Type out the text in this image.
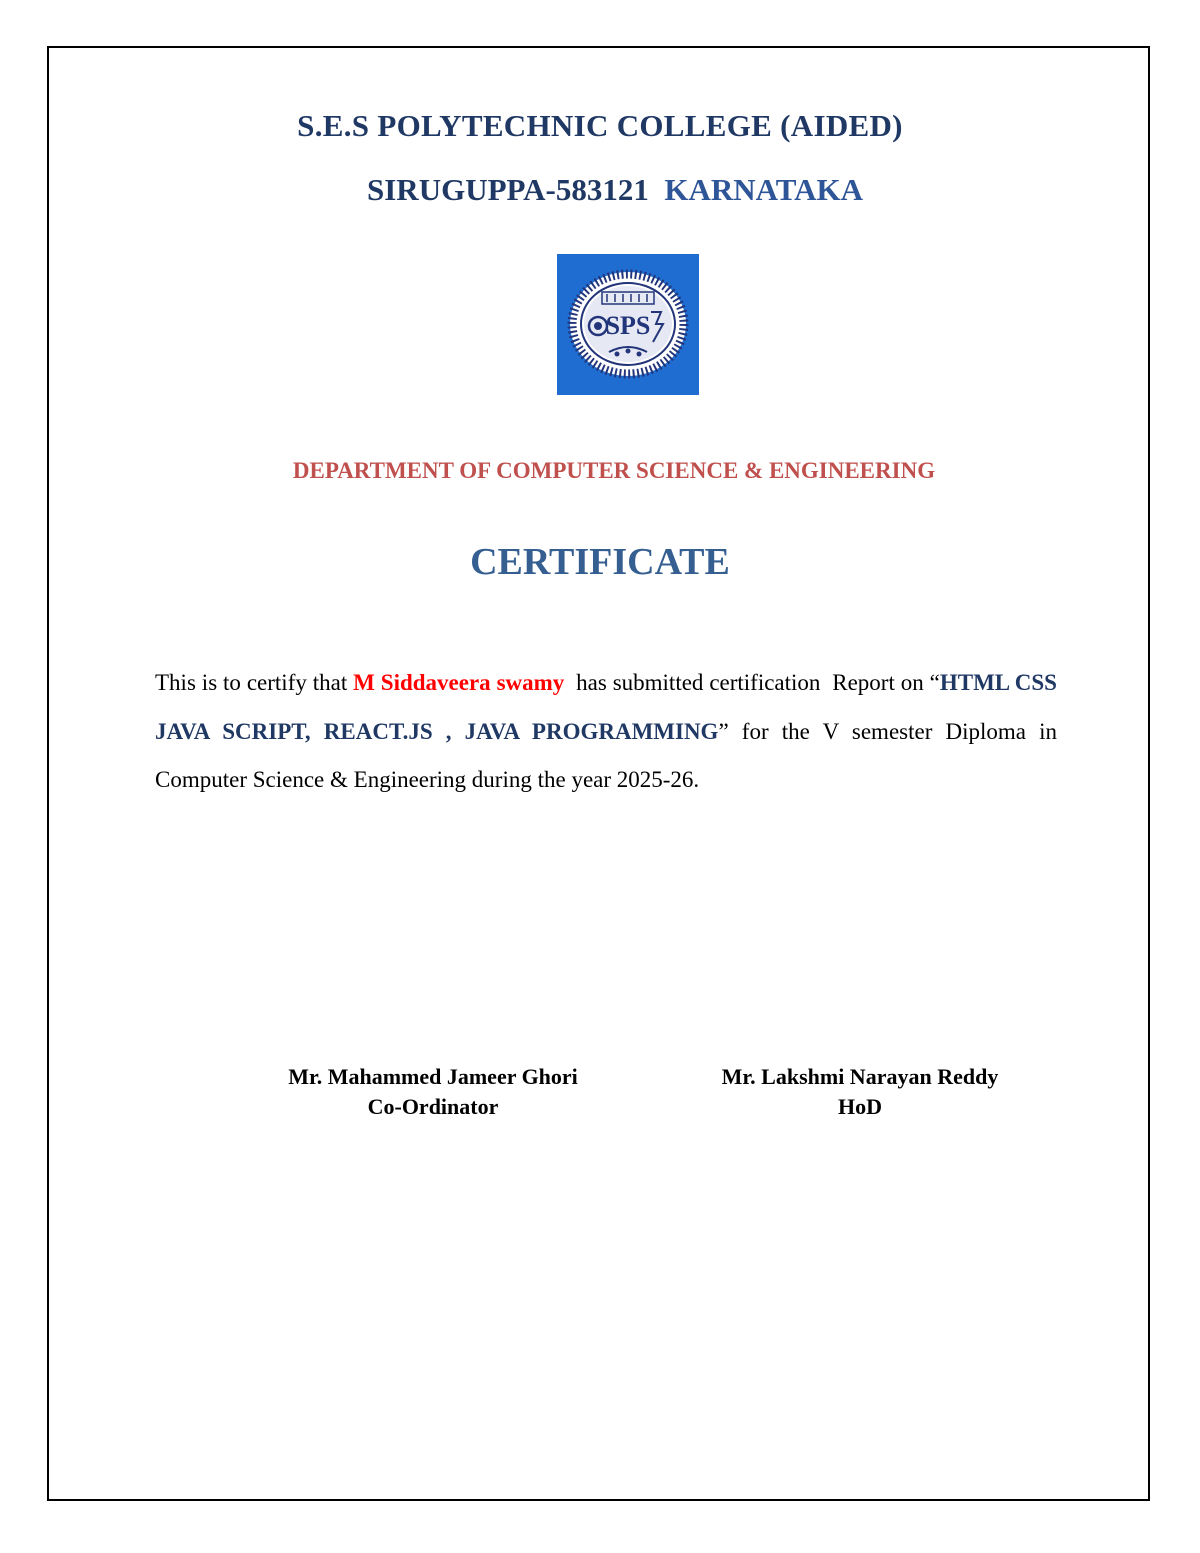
S.E.S POLYTECHNIC COLLEGE (AIDED)
SIRUGUPPA-583121 KARNATAKA
SPS
DEPARTMENT OF COMPUTER SCIENCE & ENGINEERING
CERTIFICATE
This is to certify that M Siddaveera swamy  has submitted certification  Report on “HTML CSS JAVA SCRIPT, REACT.JS , JAVA PROGRAMMING” for the V semester Diploma in Computer Science & Engineering during the year 2025-26.
Mr. Mahammed Jameer Ghori
Co-Ordinator
Mr. Lakshmi Narayan Reddy
HoD
